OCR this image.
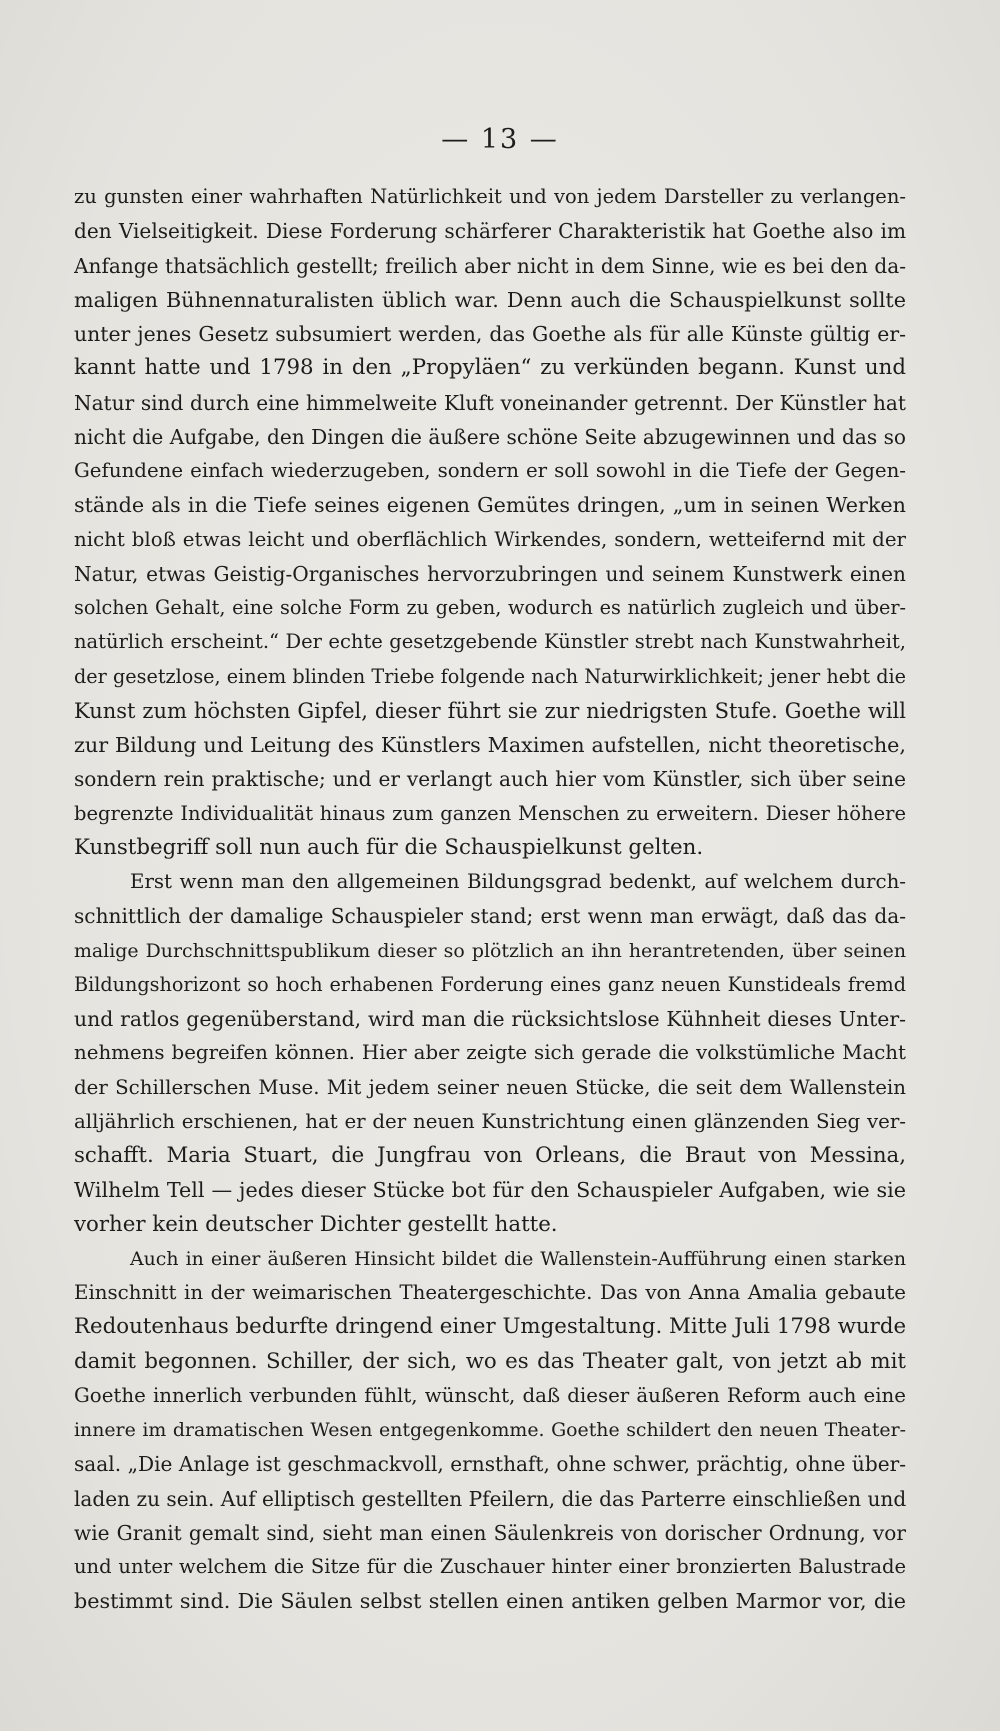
— 13 —
zu gunsten einer wahrhaften Natürlichkeit und von jedem Darsteller zu verlangen-
den Vielseitigkeit. Diese Forderung schärferer Charakteristik hat Goethe also im
Anfange thatsächlich gestellt; freilich aber nicht in dem Sinne, wie es bei den da-
maligen Bühnennaturalisten üblich war. Denn auch die Schauspielkunst sollte
unter jenes Gesetz subsumiert werden, das Goethe als für alle Künste gültig er-
kannt hatte und 1798 in den „Propyläen“ zu verkünden begann. Kunst und
Natur sind durch eine himmelweite Kluft voneinander getrennt. Der Künstler hat
nicht die Aufgabe, den Dingen die äußere schöne Seite abzugewinnen und das so
Gefundene einfach wiederzugeben, sondern er soll sowohl in die Tiefe der Gegen-
stände als in die Tiefe seines eigenen Gemütes dringen, „um in seinen Werken
nicht bloß etwas leicht und oberflächlich Wirkendes, sondern, wetteifernd mit der
Natur, etwas Geistig-Organisches hervorzubringen und seinem Kunstwerk einen
solchen Gehalt, eine solche Form zu geben, wodurch es natürlich zugleich und über-
natürlich erscheint.“ Der echte gesetzgebende Künstler strebt nach Kunstwahrheit,
der gesetzlose, einem blinden Triebe folgende nach Naturwirklichkeit; jener hebt die
Kunst zum höchsten Gipfel, dieser führt sie zur niedrigsten Stufe. Goethe will
zur Bildung und Leitung des Künstlers Maximen aufstellen, nicht theoretische,
sondern rein praktische; und er verlangt auch hier vom Künstler, sich über seine
begrenzte Individualität hinaus zum ganzen Menschen zu erweitern. Dieser höhere
Kunstbegriff soll nun auch für die Schauspielkunst gelten.
Erst wenn man den allgemeinen Bildungsgrad bedenkt, auf welchem durch-
schnittlich der damalige Schauspieler stand; erst wenn man erwägt, daß das da-
malige Durchschnittspublikum dieser so plötzlich an ihn herantretenden, über seinen
Bildungshorizont so hoch erhabenen Forderung eines ganz neuen Kunstideals fremd
und ratlos gegenüberstand, wird man die rücksichtslose Kühnheit dieses Unter-
nehmens begreifen können. Hier aber zeigte sich gerade die volkstümliche Macht
der Schillerschen Muse. Mit jedem seiner neuen Stücke, die seit dem Wallenstein
alljährlich erschienen, hat er der neuen Kunstrichtung einen glänzenden Sieg ver-
schafft. Maria Stuart, die Jungfrau von Orleans, die Braut von Messina,
Wilhelm Tell — jedes dieser Stücke bot für den Schauspieler Aufgaben, wie sie
vorher kein deutscher Dichter gestellt hatte.
Auch in einer äußeren Hinsicht bildet die Wallenstein-Aufführung einen starken
Einschnitt in der weimarischen Theatergeschichte. Das von Anna Amalia gebaute
Redoutenhaus bedurfte dringend einer Umgestaltung. Mitte Juli 1798 wurde
damit begonnen. Schiller, der sich, wo es das Theater galt, von jetzt ab mit
Goethe innerlich verbunden fühlt, wünscht, daß dieser äußeren Reform auch eine
innere im dramatischen Wesen entgegenkomme. Goethe schildert den neuen Theater-
saal. „Die Anlage ist geschmackvoll, ernsthaft, ohne schwer, prächtig, ohne über-
laden zu sein. Auf elliptisch gestellten Pfeilern, die das Parterre einschließen und
wie Granit gemalt sind, sieht man einen Säulenkreis von dorischer Ordnung, vor
und unter welchem die Sitze für die Zuschauer hinter einer bronzierten Balustrade
bestimmt sind. Die Säulen selbst stellen einen antiken gelben Marmor vor, die
